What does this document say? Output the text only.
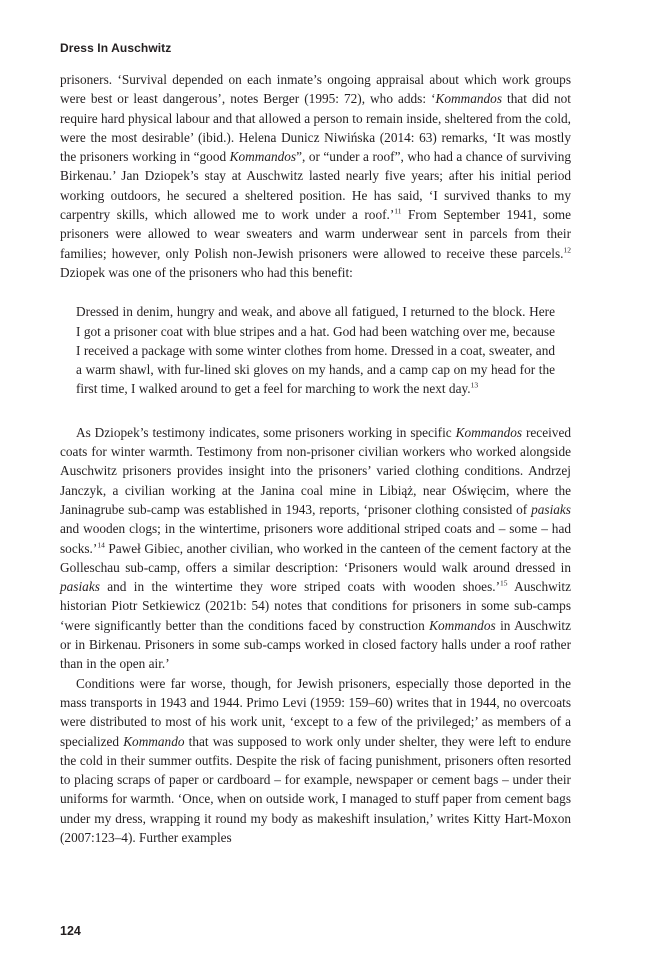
Dress In Auschwitz

prisoners. ‘Survival depended on each inmate’s ongoing appraisal about which work groups were best or least dangerous’, notes Berger (1995: 72), who adds: ‘Kommandos that did not require hard physical labour and that allowed a person to remain inside, sheltered from the cold, were the most desirable’ (ibid.). Helena Dunicz Niwińska (2014: 63) remarks, ‘It was mostly the prisoners working in “good Kommandos”, or “under a roof”, who had a chance of surviving Birkenau.’ Jan Dziopek’s stay at Auschwitz lasted nearly five years; after his initial period working outdoors, he secured a sheltered position. He has said, ‘I survived thanks to my carpentry skills, which allowed me to work under a roof.’$^{11}$ From September 1941, some prisoners were allowed to wear sweaters and warm underwear sent in parcels from their families; however, only Polish non-Jewish prisoners were allowed to receive these parcels.$^{12}$ Dziopek was one of the prisoners who had this benefit:

Dressed in denim, hungry and weak, and above all fatigued, I returned to the block. Here I got a prisoner coat with blue stripes and a hat. God had been watching over me, because I received a package with some winter clothes from home. Dressed in a coat, sweater, and a warm shawl, with fur-lined ski gloves on my hands, and a camp cap on my head for the first time, I walked around to get a feel for marching to work the next day.$^{13}$

As Dziopek’s testimony indicates, some prisoners working in specific Kommandos received coats for winter warmth. Testimony from non-prisoner civilian workers who worked alongside Auschwitz prisoners provides insight into the prisoners’ varied clothing conditions. Andrzej Janczyk, a civilian working at the Janina coal mine in Libiąż, near Oświęcim, where the Janinagrube sub-camp was established in 1943, reports, ‘prisoner clothing consisted of pasiaks and wooden clogs; in the wintertime, prisoners wore additional striped coats and – some – had socks.’$^{14}$ Paweł Gibiec, another civilian, who worked in the canteen of the cement factory at the Golleschau sub-camp, offers a similar description: ‘Prisoners would walk around dressed in pasiaks and in the wintertime they wore striped coats with wooden shoes.’$^{15}$ Auschwitz historian Piotr Setkiewicz (2021b: 54) notes that conditions for prisoners in some sub-camps ‘were significantly better than the conditions faced by construction Kommandos in Auschwitz or in Birkenau. Prisoners in some sub-camps worked in closed factory halls under a roof rather than in the open air.’

Conditions were far worse, though, for Jewish prisoners, especially those deported in the mass transports in 1943 and 1944. Primo Levi (1959: 159–60) writes that in 1944, no overcoats were distributed to most of his work unit, ‘except to a few of the privileged;’ as members of a specialized Kommando that was supposed to work only under shelter, they were left to endure the cold in their summer outfits. Despite the risk of facing punishment, prisoners often resorted to placing scraps of paper or cardboard – for example, newspaper or cement bags – under their uniforms for warmth. ‘Once, when on outside work, I managed to stuff paper from cement bags under my dress, wrapping it round my body as makeshift insulation,’ writes Kitty Hart-Moxon (2007:123–4). Further examples

124
